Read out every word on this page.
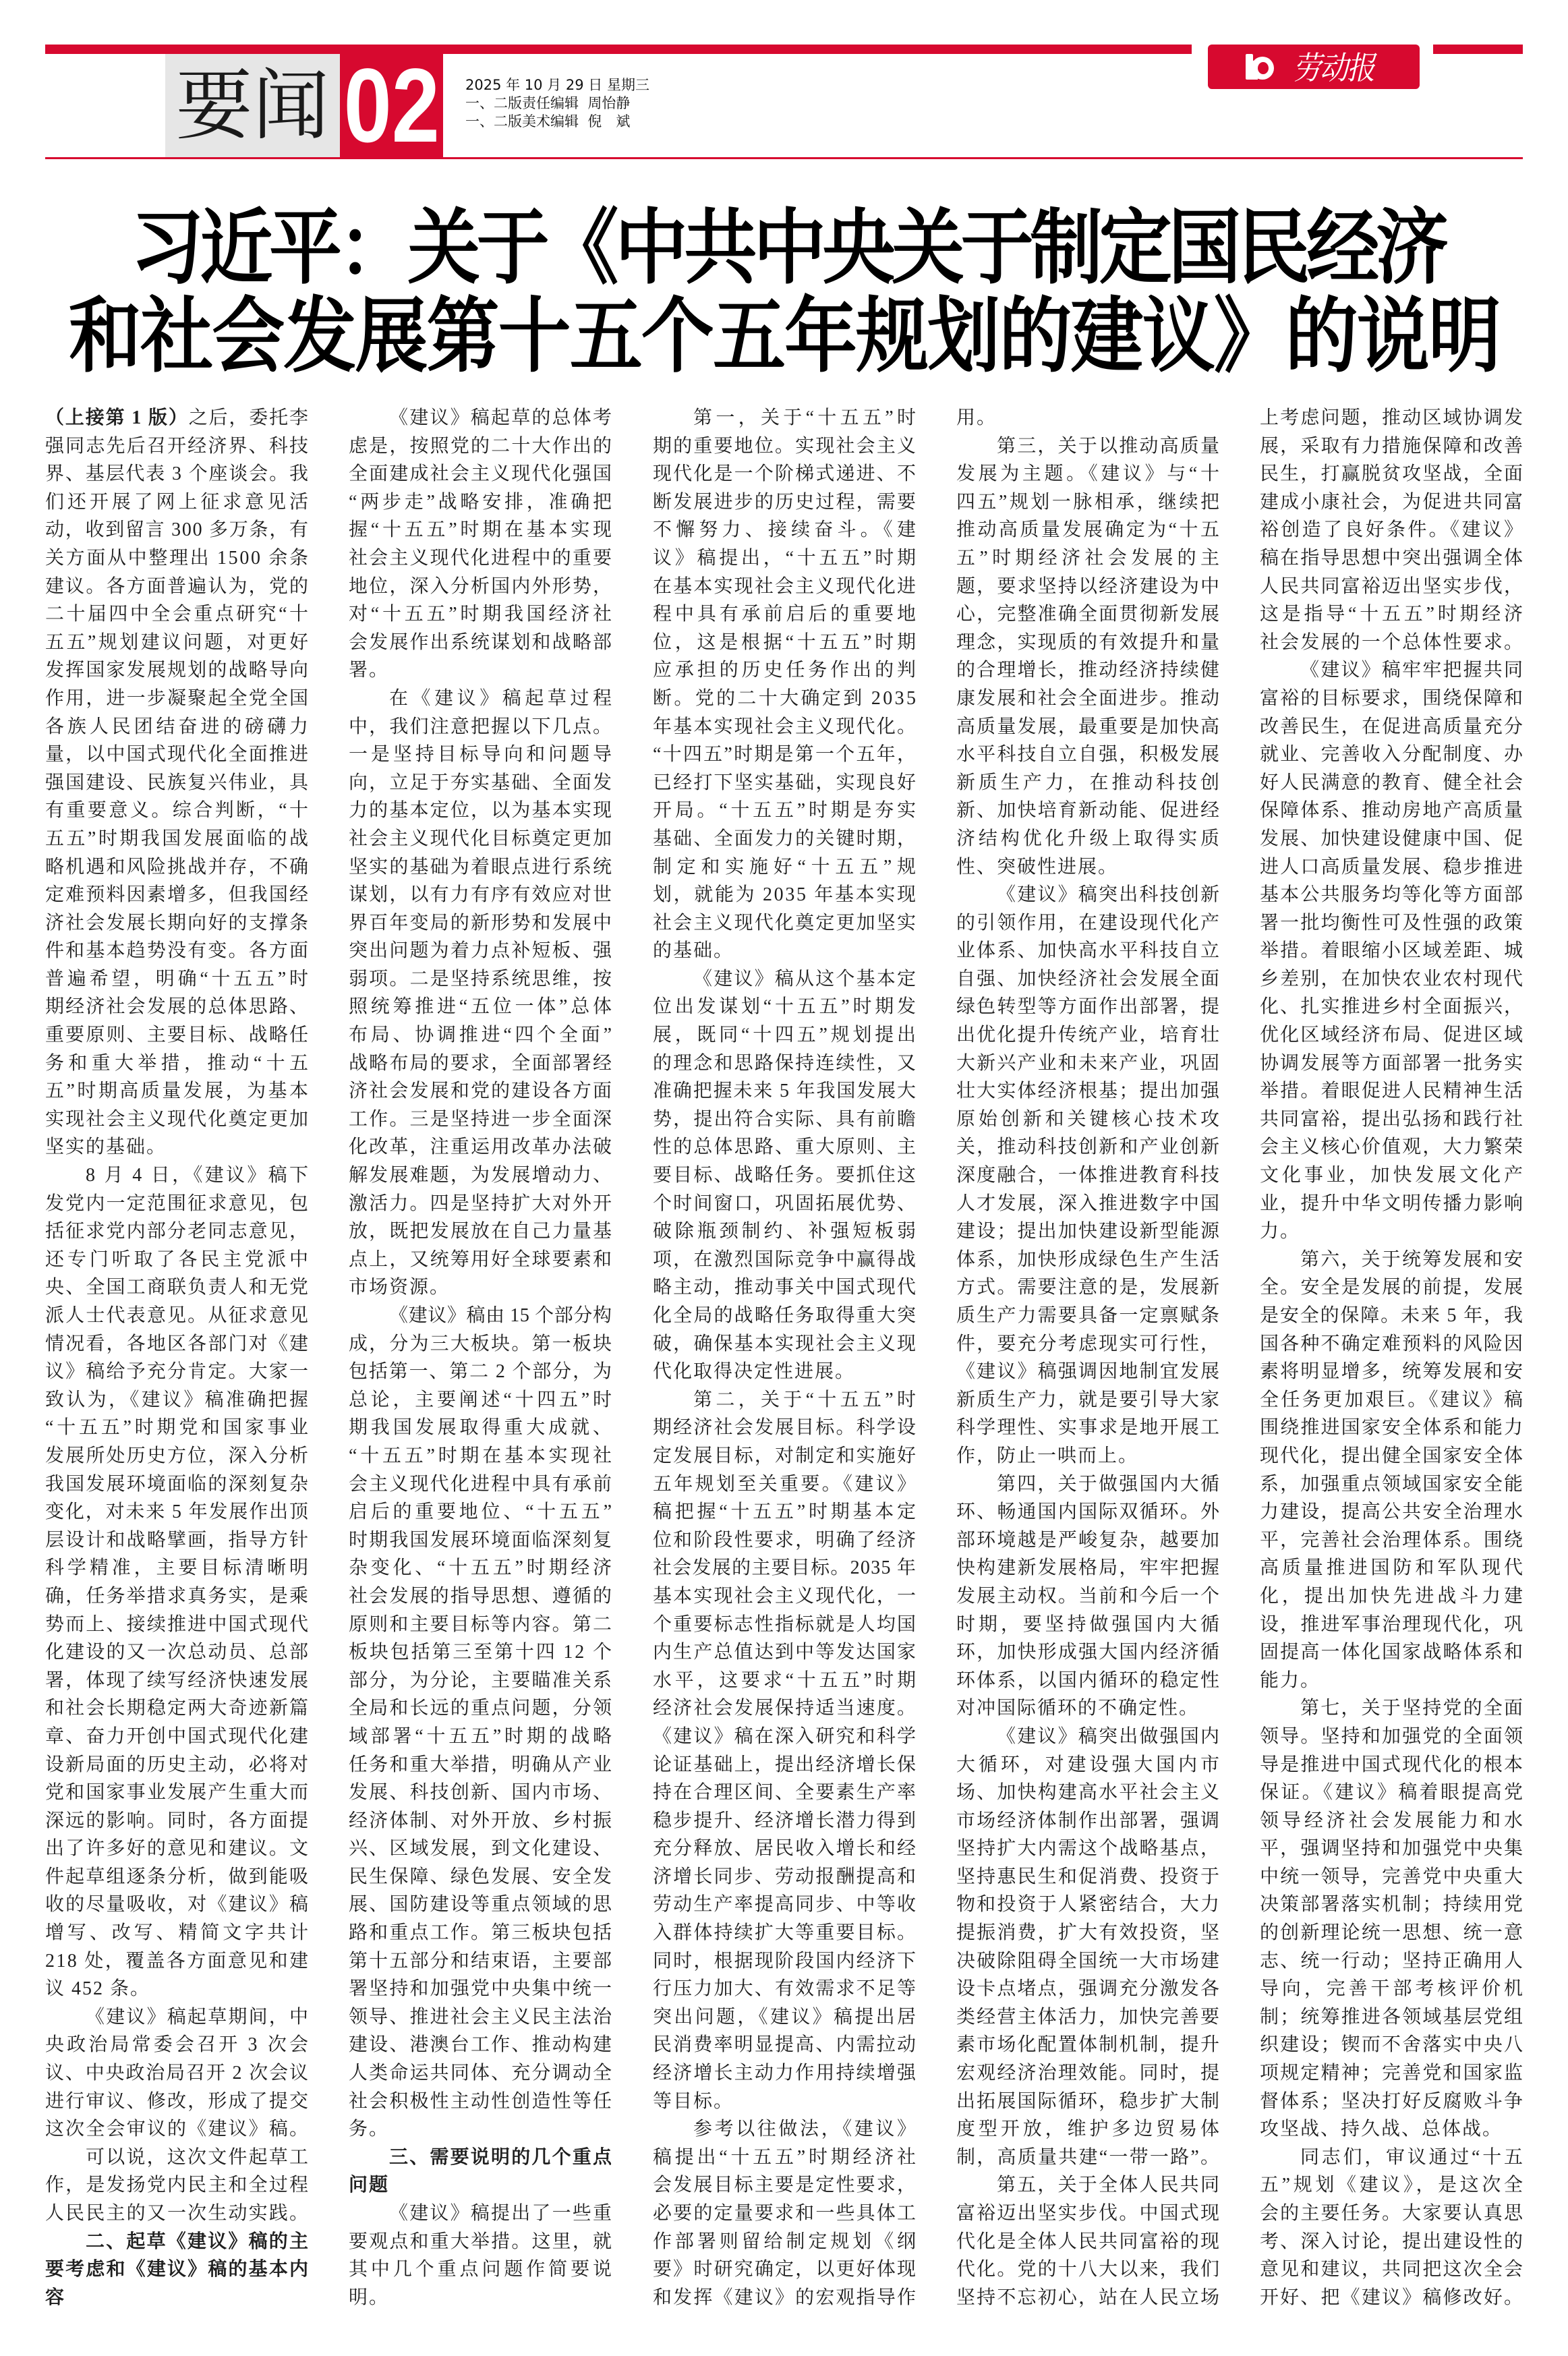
要闻 02 2025 年 10 月 29 日 星期三
一、二版责任编辑  周怡静
一、二版美术编辑  倪　斌
劳动报
习近平：关于《中共中央关于制定国民经济
和社会发展第十五个五年规划的建议》的说明
（上接第 1 版）之后，委托李
强同志先后召开经济界、科技
界、基层代表 3 个座谈会。我
们还开展了网上征求意见活
动，收到留言 300 多万条，有
关方面从中整理出 1500 余条
建议。各方面普遍认为，党的
二十届四中全会重点研究“十
五五”规划建议问题，对更好
发挥国家发展规划的战略导向
作用，进一步凝聚起全党全国
各族人民团结奋进的磅礴力
量，以中国式现代化全面推进
强国建设、民族复兴伟业，具
有重要意义。综合判断，“十
五五”时期我国发展面临的战
略机遇和风险挑战并存，不确
定难预料因素增多，但我国经
济社会发展长期向好的支撑条
件和基本趋势没有变。各方面
普遍希望，明确“十五五”时
期经济社会发展的总体思路、
重要原则、主要目标、战略任
务和重大举措，推动“十五
五”时期高质量发展，为基本
实现社会主义现代化奠定更加
坚实的基础。
8 月 4 日，《建议》稿下
发党内一定范围征求意见，包
括征求党内部分老同志意见，
还专门听取了各民主党派中
央、全国工商联负责人和无党
派人士代表意见。从征求意见
情况看，各地区各部门对《建
议》稿给予充分肯定。大家一
致认为，《建议》稿准确把握
“十五五”时期党和国家事业
发展所处历史方位，深入分析
我国发展环境面临的深刻复杂
变化，对未来 5 年发展作出顶
层设计和战略擘画，指导方针
科学精准，主要目标清晰明
确，任务举措求真务实，是乘
势而上、接续推进中国式现代
化建设的又一次总动员、总部
署，体现了续写经济快速发展
和社会长期稳定两大奇迹新篇
章、奋力开创中国式现代化建
设新局面的历史主动，必将对
党和国家事业发展产生重大而
深远的影响。同时，各方面提
出了许多好的意见和建议。文
件起草组逐条分析，做到能吸
收的尽量吸收，对《建议》稿
增写、改写、精简文字共计
218 处，覆盖各方面意见和建
议 452 条。
《建议》稿起草期间，中
央政治局常委会召开 3 次会
议、中央政治局召开 2 次会议
进行审议、修改，形成了提交
这次全会审议的《建议》稿。
可以说，这次文件起草工
作，是发扬党内民主和全过程
人民民主的又一次生动实践。
二、起草《建议》稿的主
要考虑和《建议》稿的基本内
容
《建议》稿起草的总体考
虑是，按照党的二十大作出的
全面建成社会主义现代化强国
“两步走”战略安排，准确把
握“十五五”时期在基本实现
社会主义现代化进程中的重要
地位，深入分析国内外形势，
对“十五五”时期我国经济社
会发展作出系统谋划和战略部
署。
在《建议》稿起草过程
中，我们注意把握以下几点。
一是坚持目标导向和问题导
向，立足于夯实基础、全面发
力的基本定位，以为基本实现
社会主义现代化目标奠定更加
坚实的基础为着眼点进行系统
谋划，以有力有序有效应对世
界百年变局的新形势和发展中
突出问题为着力点补短板、强
弱项。二是坚持系统思维，按
照统筹推进“五位一体”总体
布局、协调推进“四个全面”
战略布局的要求，全面部署经
济社会发展和党的建设各方面
工作。三是坚持进一步全面深
化改革，注重运用改革办法破
解发展难题，为发展增动力、
激活力。四是坚持扩大对外开
放，既把发展放在自己力量基
点上，又统筹用好全球要素和
市场资源。
《建议》稿由 15 个部分构
成，分为三大板块。第一板块
包括第一、第二 2 个部分，为
总论，主要阐述“十四五”时
期我国发展取得重大成就、
“十五五”时期在基本实现社
会主义现代化进程中具有承前
启后的重要地位、“十五五”
时期我国发展环境面临深刻复
杂变化、“十五五”时期经济
社会发展的指导思想、遵循的
原则和主要目标等内容。第二
板块包括第三至第十四 12 个
部分，为分论，主要瞄准关系
全局和长远的重点问题，分领
域部署“十五五”时期的战略
任务和重大举措，明确从产业
发展、科技创新、国内市场、
经济体制、对外开放、乡村振
兴、区域发展，到文化建设、
民生保障、绿色发展、安全发
展、国防建设等重点领域的思
路和重点工作。第三板块包括
第十五部分和结束语，主要部
署坚持和加强党中央集中统一
领导、推进社会主义民主法治
建设、港澳台工作、推动构建
人类命运共同体、充分调动全
社会积极性主动性创造性等任
务。
三、需要说明的几个重点
问题
《建议》稿提出了一些重
要观点和重大举措。这里，就
其中几个重点问题作简要说
明。
第一，关于“十五五”时
期的重要地位。实现社会主义
现代化是一个阶梯式递进、不
断发展进步的历史过程，需要
不懈努力、接续奋斗。《建
议》稿提出，“十五五”时期
在基本实现社会主义现代化进
程中具有承前启后的重要地
位，这是根据“十五五”时期
应承担的历史任务作出的判
断。党的二十大确定到 2035
年基本实现社会主义现代化。
“十四五”时期是第一个五年，
已经打下坚实基础，实现良好
开局。“十五五”时期是夯实
基础、全面发力的关键时期，
制定和实施好“十五五”规
划，就能为 2035 年基本实现
社会主义现代化奠定更加坚实
的基础。
《建议》稿从这个基本定
位出发谋划“十五五”时期发
展，既同“十四五”规划提出
的理念和思路保持连续性，又
准确把握未来 5 年我国发展大
势，提出符合实际、具有前瞻
性的总体思路、重大原则、主
要目标、战略任务。要抓住这
个时间窗口，巩固拓展优势、
破除瓶颈制约、补强短板弱
项，在激烈国际竞争中赢得战
略主动，推动事关中国式现代
化全局的战略任务取得重大突
破，确保基本实现社会主义现
代化取得决定性进展。
第二，关于“十五五”时
期经济社会发展目标。科学设
定发展目标，对制定和实施好
五年规划至关重要。《建议》
稿把握“十五五”时期基本定
位和阶段性要求，明确了经济
社会发展的主要目标。2035 年
基本实现社会主义现代化，一
个重要标志性指标就是人均国
内生产总值达到中等发达国家
水平，这要求“十五五”时期
经济社会发展保持适当速度。
《建议》稿在深入研究和科学
论证基础上，提出经济增长保
持在合理区间、全要素生产率
稳步提升、经济增长潜力得到
充分释放、居民收入增长和经
济增长同步、劳动报酬提高和
劳动生产率提高同步、中等收
入群体持续扩大等重要目标。
同时，根据现阶段国内经济下
行压力加大、有效需求不足等
突出问题，《建议》稿提出居
民消费率明显提高、内需拉动
经济增长主动力作用持续增强
等目标。
参考以往做法，《建议》
稿提出“十五五”时期经济社
会发展目标主要是定性要求，
必要的定量要求和一些具体工
作部署则留给制定规划《纲
要》时研究确定，以更好体现
和发挥《建议》的宏观指导作
用。
第三，关于以推动高质量
发展为主题。《建议》与“十
四五”规划一脉相承，继续把
推动高质量发展确定为“十五
五”时期经济社会发展的主
题，要求坚持以经济建设为中
心，完整准确全面贯彻新发展
理念，实现质的有效提升和量
的合理增长，推动经济持续健
康发展和社会全面进步。推动
高质量发展，最重要是加快高
水平科技自立自强，积极发展
新质生产力，在推动科技创
新、加快培育新动能、促进经
济结构优化升级上取得实质
性、突破性进展。
《建议》稿突出科技创新
的引领作用，在建设现代化产
业体系、加快高水平科技自立
自强、加快经济社会发展全面
绿色转型等方面作出部署，提
出优化提升传统产业，培育壮
大新兴产业和未来产业，巩固
壮大实体经济根基；提出加强
原始创新和关键核心技术攻
关，推动科技创新和产业创新
深度融合，一体推进教育科技
人才发展，深入推进数字中国
建设；提出加快建设新型能源
体系，加快形成绿色生产生活
方式。需要注意的是，发展新
质生产力需要具备一定禀赋条
件，要充分考虑现实可行性，
《建议》稿强调因地制宜发展
新质生产力，就是要引导大家
科学理性、实事求是地开展工
作，防止一哄而上。
第四，关于做强国内大循
环、畅通国内国际双循环。外
部环境越是严峻复杂，越要加
快构建新发展格局，牢牢把握
发展主动权。当前和今后一个
时期，要坚持做强国内大循
环，加快形成强大国内经济循
环体系，以国内循环的稳定性
对冲国际循环的不确定性。
《建议》稿突出做强国内
大循环，对建设强大国内市
场、加快构建高水平社会主义
市场经济体制作出部署，强调
坚持扩大内需这个战略基点，
坚持惠民生和促消费、投资于
物和投资于人紧密结合，大力
提振消费，扩大有效投资，坚
决破除阻碍全国统一大市场建
设卡点堵点，强调充分激发各
类经营主体活力，加快完善要
素市场化配置体制机制，提升
宏观经济治理效能。同时，提
出拓展国际循环，稳步扩大制
度型开放，维护多边贸易体
制，高质量共建“一带一路”。
第五，关于全体人民共同
富裕迈出坚实步伐。中国式现
代化是全体人民共同富裕的现
代化。党的十八大以来，我们
坚持不忘初心，站在人民立场
上考虑问题，推动区域协调发
展，采取有力措施保障和改善
民生，打赢脱贫攻坚战，全面
建成小康社会，为促进共同富
裕创造了良好条件。《建议》
稿在指导思想中突出强调全体
人民共同富裕迈出坚实步伐，
这是指导“十五五”时期经济
社会发展的一个总体性要求。
《建议》稿牢牢把握共同
富裕的目标要求，围绕保障和
改善民生，在促进高质量充分
就业、完善收入分配制度、办
好人民满意的教育、健全社会
保障体系、推动房地产高质量
发展、加快建设健康中国、促
进人口高质量发展、稳步推进
基本公共服务均等化等方面部
署一批均衡性可及性强的政策
举措。着眼缩小区域差距、城
乡差别，在加快农业农村现代
化、扎实推进乡村全面振兴，
优化区域经济布局、促进区域
协调发展等方面部署一批务实
举措。着眼促进人民精神生活
共同富裕，提出弘扬和践行社
会主义核心价值观，大力繁荣
文化事业，加快发展文化产
业，提升中华文明传播力影响
力。
第六，关于统筹发展和安
全。安全是发展的前提，发展
是安全的保障。未来 5 年，我
国各种不确定难预料的风险因
素将明显增多，统筹发展和安
全任务更加艰巨。《建议》稿
围绕推进国家安全体系和能力
现代化，提出健全国家安全体
系，加强重点领域国家安全能
力建设，提高公共安全治理水
平，完善社会治理体系。围绕
高质量推进国防和军队现代
化，提出加快先进战斗力建
设，推进军事治理现代化，巩
固提高一体化国家战略体系和
能力。
第七，关于坚持党的全面
领导。坚持和加强党的全面领
导是推进中国式现代化的根本
保证。《建议》稿着眼提高党
领导经济社会发展能力和水
平，强调坚持和加强党中央集
中统一领导，完善党中央重大
决策部署落实机制；持续用党
的创新理论统一思想、统一意
志、统一行动；坚持正确用人
导向，完善干部考核评价机
制；统筹推进各领域基层党组
织建设；锲而不舍落实中央八
项规定精神；完善党和国家监
督体系；坚决打好反腐败斗争
攻坚战、持久战、总体战。
同志们，审议通过“十五
五”规划《建议》，是这次全
会的主要任务。大家要认真思
考、深入讨论，提出建设性的
意见和建议，共同把这次全会
开好、把《建议》稿修改好。
